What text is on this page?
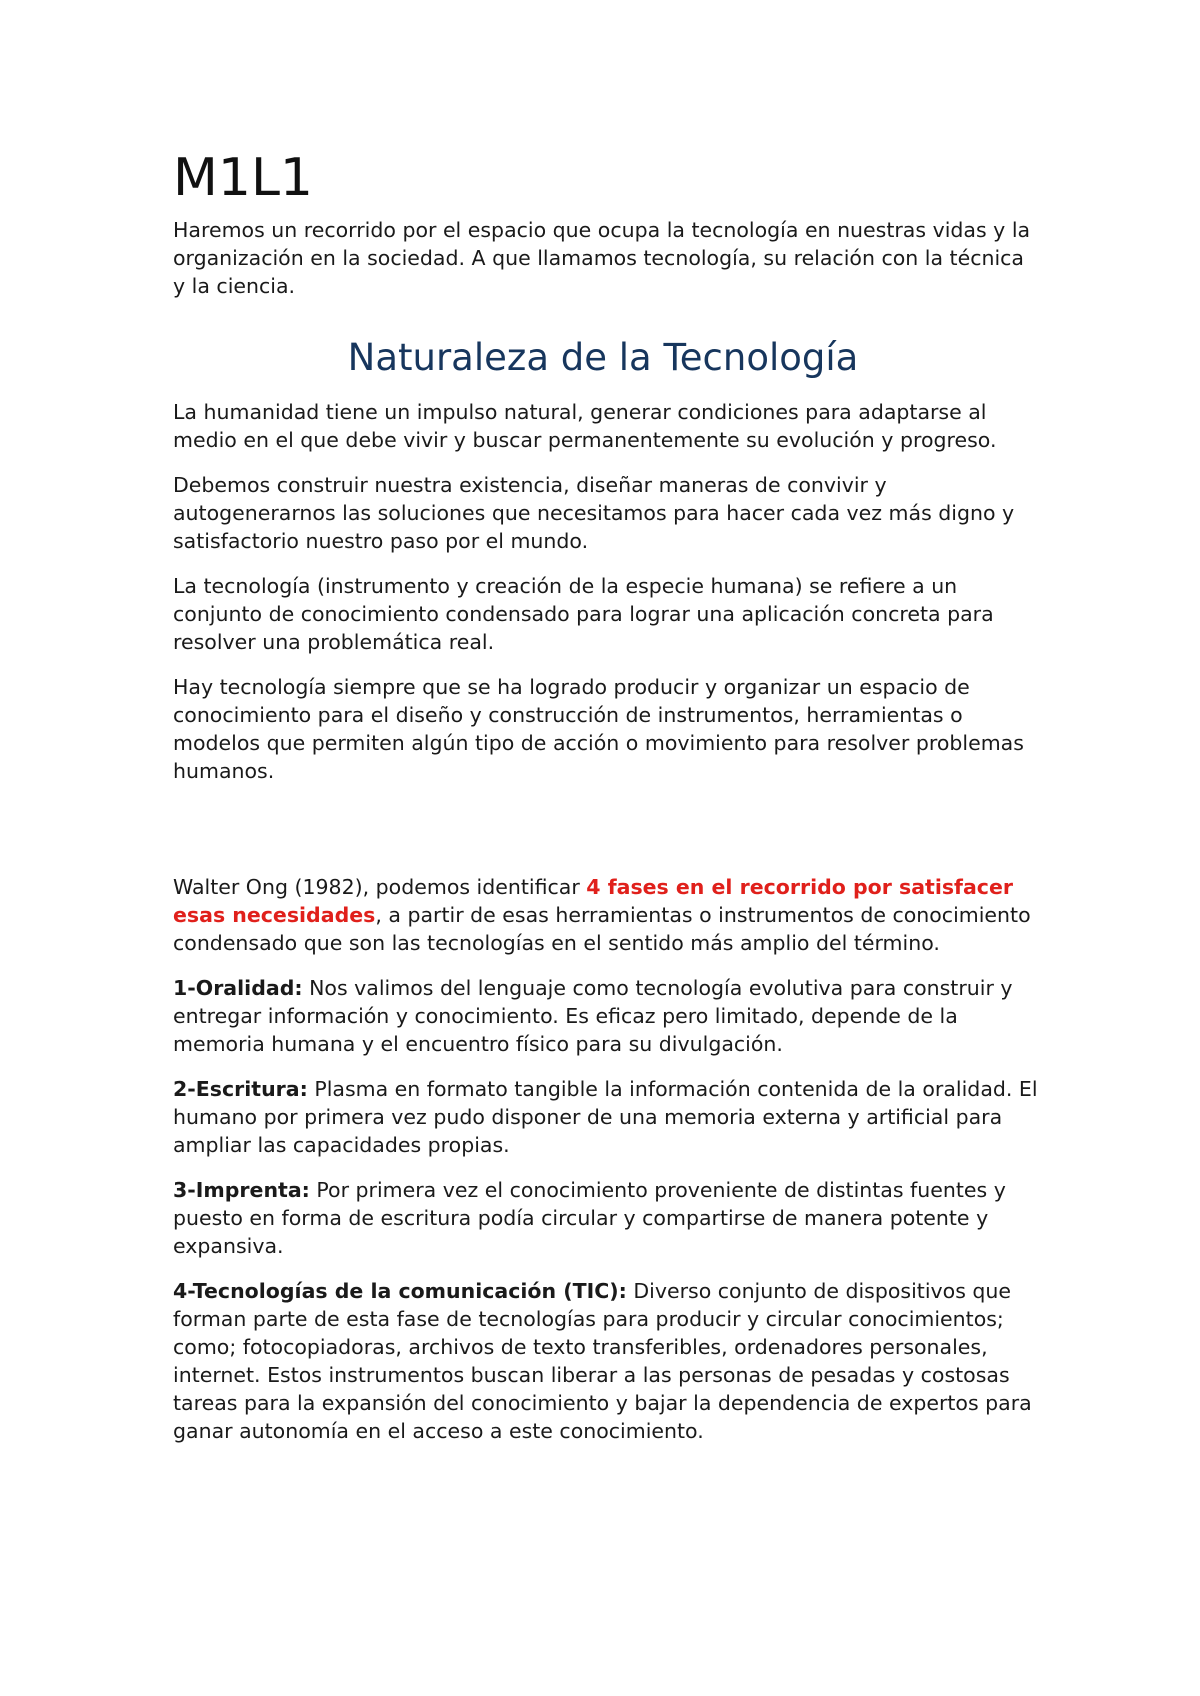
M1L1

Haremos un recorrido por el espacio que ocupa la tecnología en nuestras vidas y la organización en la sociedad. A que llamamos tecnología, su relación con la técnica y la ciencia.

Naturaleza de la Tecnología

La humanidad tiene un impulso natural, generar condiciones para adaptarse al medio en el que debe vivir y buscar permanentemente su evolución y progreso.

Debemos construir nuestra existencia, diseñar maneras de convivir y autogenerarnos las soluciones que necesitamos para hacer cada vez más digno y satisfactorio nuestro paso por el mundo.

La tecnología (instrumento y creación de la especie humana) se refiere a un conjunto de conocimiento condensado para lograr una aplicación concreta para resolver una problemática real.

Hay tecnología siempre que se ha logrado producir y organizar un espacio de conocimiento para el diseño y construcción de instrumentos, herramientas o modelos que permiten algún tipo de acción o movimiento para resolver problemas humanos.

Walter Ong (1982), podemos identificar 4 fases en el recorrido por satisfacer esas necesidades, a partir de esas herramientas o instrumentos de conocimiento condensado que son las tecnologías en el sentido más amplio del término.

1-Oralidad: Nos valimos del lenguaje como tecnología evolutiva para construir y entregar información y conocimiento. Es eficaz pero limitado, depende de la memoria humana y el encuentro físico para su divulgación.

2-Escritura: Plasma en formato tangible la información contenida de la oralidad. El humano por primera vez pudo disponer de una memoria externa y artificial para ampliar las capacidades propias.

3-Imprenta: Por primera vez el conocimiento proveniente de distintas fuentes y puesto en forma de escritura podía circular y compartirse de manera potente y expansiva.

4-Tecnologías de la comunicación (TIC): Diverso conjunto de dispositivos que forman parte de esta fase de tecnologías para producir y circular conocimientos; como; fotocopiadoras, archivos de texto transferibles, ordenadores personales, internet. Estos instrumentos buscan liberar a las personas de pesadas y costosas tareas para la expansión del conocimiento y bajar la dependencia de expertos para ganar autonomía en el acceso a este conocimiento.
